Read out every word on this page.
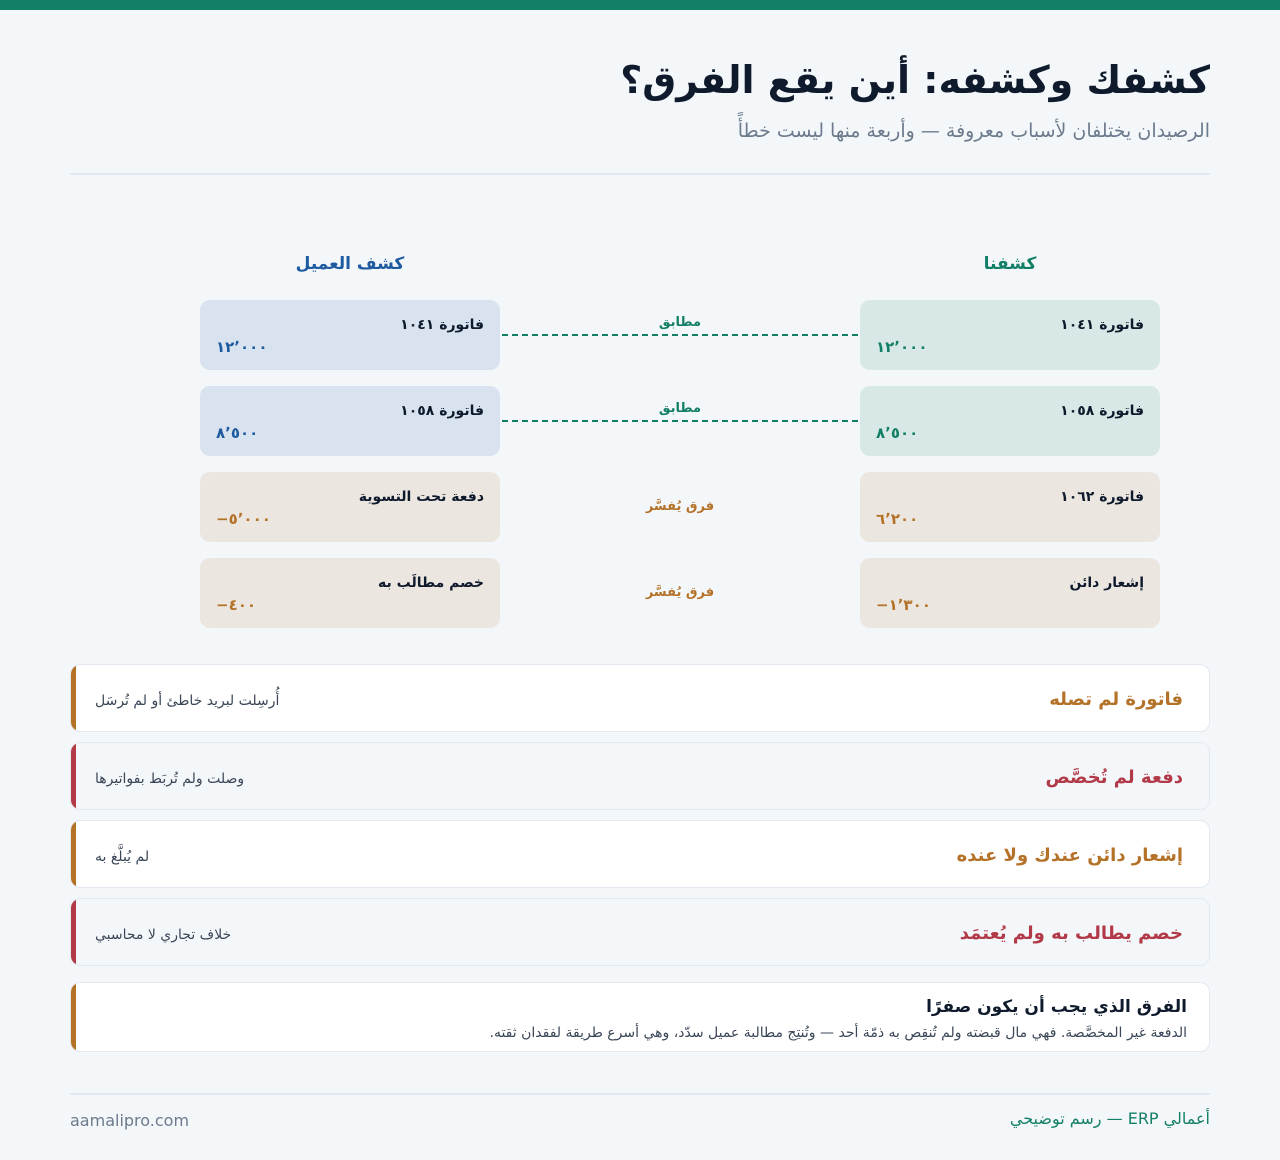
كشفك وكشفه: أين يقع الفرق؟
الرصيدان يختلفان لأسباب معروفة — وأربعة منها ليست خطأً
كشفنا
كشف العميل
فاتورة ١٠٤١
١٢٬٠٠٠
مطابق
فاتورة ١٠٤١
١٢٬٠٠٠
فاتورة ١٠٥٨
٨٬٥٠٠
مطابق
فاتورة ١٠٥٨
٨٬٥٠٠
فاتورة ١٠٦٢
٦٬٢٠٠
فرق يُفسَّر
دفعة تحت التسوية
−٥٬٠٠٠
إشعار دائن
−١٬٣٠٠
فرق يُفسَّر
خصم مطالَب به
−٤٠٠
فاتورة لم تصله
أُرسِلت لبريد خاطئ أو لم تُرسَل
دفعة لم تُخصَّص
وصلت ولم تُربَط بفواتيرها
إشعار دائن عندك ولا عنده
لم يُبلَّغ به
خصم يطالب به ولم يُعتمَد
خلاف تجاري لا محاسبي
الفرق الذي يجب أن يكون صفرًا
الدفعة غير المخصَّصة. فهي مال قبضته ولم تُنقِص به ذمّة أحد — وتُنتِج مطالبة عميل سدّد، وهي أسرع طريقة لفقدان ثقته.
أعمالي ERP — رسم توضيحي
aamalipro.com
